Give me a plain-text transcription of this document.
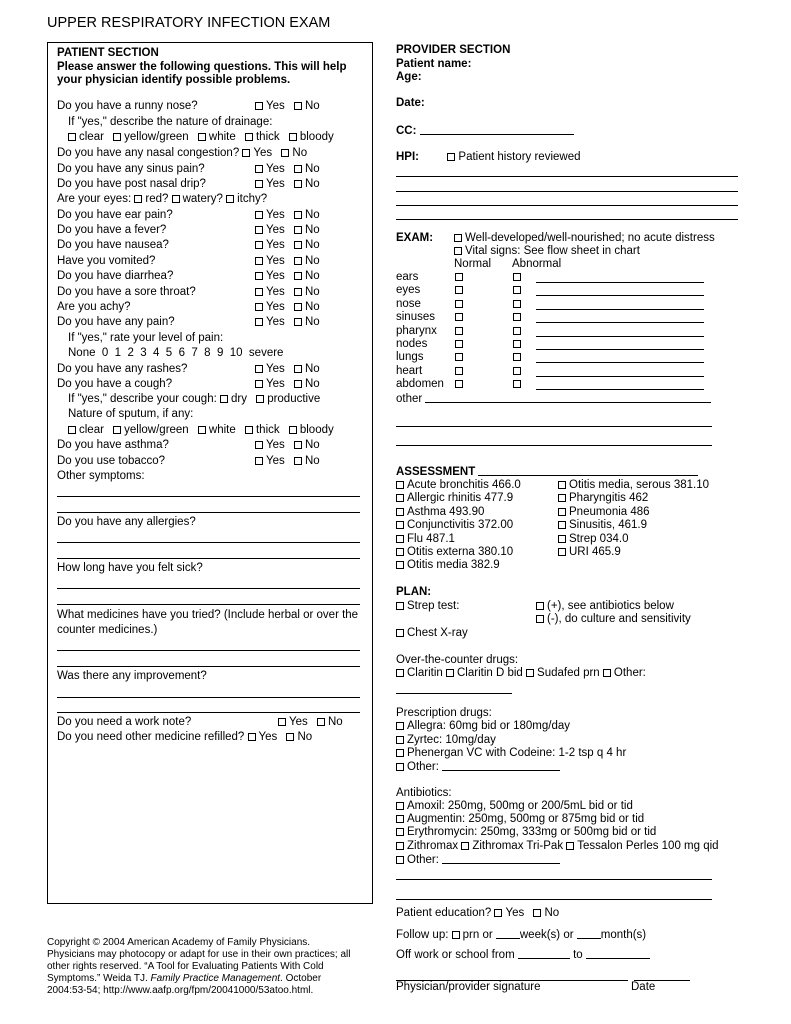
UPPER RESPIRATORY INFECTION EXAM
PATIENT SECTION
Please answer the following questions. This will help
your physician identify possible problems.
Do you have a runny nose?	Yes No
If "yes," describe the nature of drainage:
clear yellow/green white thick bloody
Do you have any nasal congestion? Yes No
Do you have any sinus pain?	Yes No
Do you have post nasal drip?	Yes No
Are your eyes: red? watery? itchy?
Do you have ear pain?	Yes No
Do you have a fever?	Yes No
Do you have nausea?	Yes No
Have you vomited?	Yes No
Do you have diarrhea?	Yes No
Do you have a sore throat?	Yes No
Are you achy?	Yes No
Do you have any pain?	Yes No
If "yes," rate your level of pain:
None  0  1  2  3  4  5  6  7  8  9  10  severe
Do you have any rashes?	Yes No
Do you have a cough?	Yes No
If "yes," describe your cough: dry productive
Nature of sputum, if any:
clear yellow/green white thick bloody
Do you have asthma?	Yes No
Do you use tobacco?	Yes No
Other symptoms:
Do you have any allergies?
How long have you felt sick?
What medicines have you tried? (Include herbal or over the
counter medicines.)
Was there any improvement?
Do you need a work note?	Yes No
Do you need other medicine refilled? Yes No
Copyright © 2004 American Academy of Family Physicians.
Physicians may photocopy or adapt for use in their own practices; all
other rights reserved. “A Tool for Evaluating Patients With Cold
Symptoms.” Weida TJ. Family Practice Management. October
2004:53-54; http://www.aafp.org/fpm/20041000/53atoo.html.
PROVIDER SECTION
Patient name:
Age:
Date:
CC:
HPI:	Patient history reviewed
EXAM:	Well-developed/well-nourished; no acute distress
Vital signs: See flow sheet in chart
Normal Abnormal
ears
eyes
nose
sinuses
pharynx
nodes
lungs
heart
abdomen
other
ASSESSMENT
Acute bronchitis 466.0
Allergic rhinitis 477.9
Asthma 493.90
Conjunctivitis 372.00
Flu 487.1
Otitis externa 380.10
Otitis media 382.9
Otitis media, serous 381.10
Pharyngitis 462
Pneumonia 486
Sinusitis, 461.9
Strep 034.0
URI 465.9
PLAN:
Strep test:	(+), see antibiotics below
(-), do culture and sensitivity
Chest X-ray
Over-the-counter drugs:
Claritin Claritin D bid Sudafed prn Other:
Prescription drugs:
Allegra: 60mg bid or 180mg/day
Zyrtec: 10mg/day
Phenergan VC with Codeine: 1-2 tsp q 4 hr
Other:
Antibiotics:
Amoxil: 250mg, 500mg or 200/5mL bid or tid
Augmentin: 250mg, 500mg or 875mg bid or tid
Erythromycin: 250mg, 333mg or 500mg bid or tid
Zithromax Zithromax Tri-Pak Tessalon Perles 100 mg qid
Other:
Patient education? Yes No
Follow up: prn or week(s) or month(s)
Off work or school from	to
Physician/provider signature	Date
